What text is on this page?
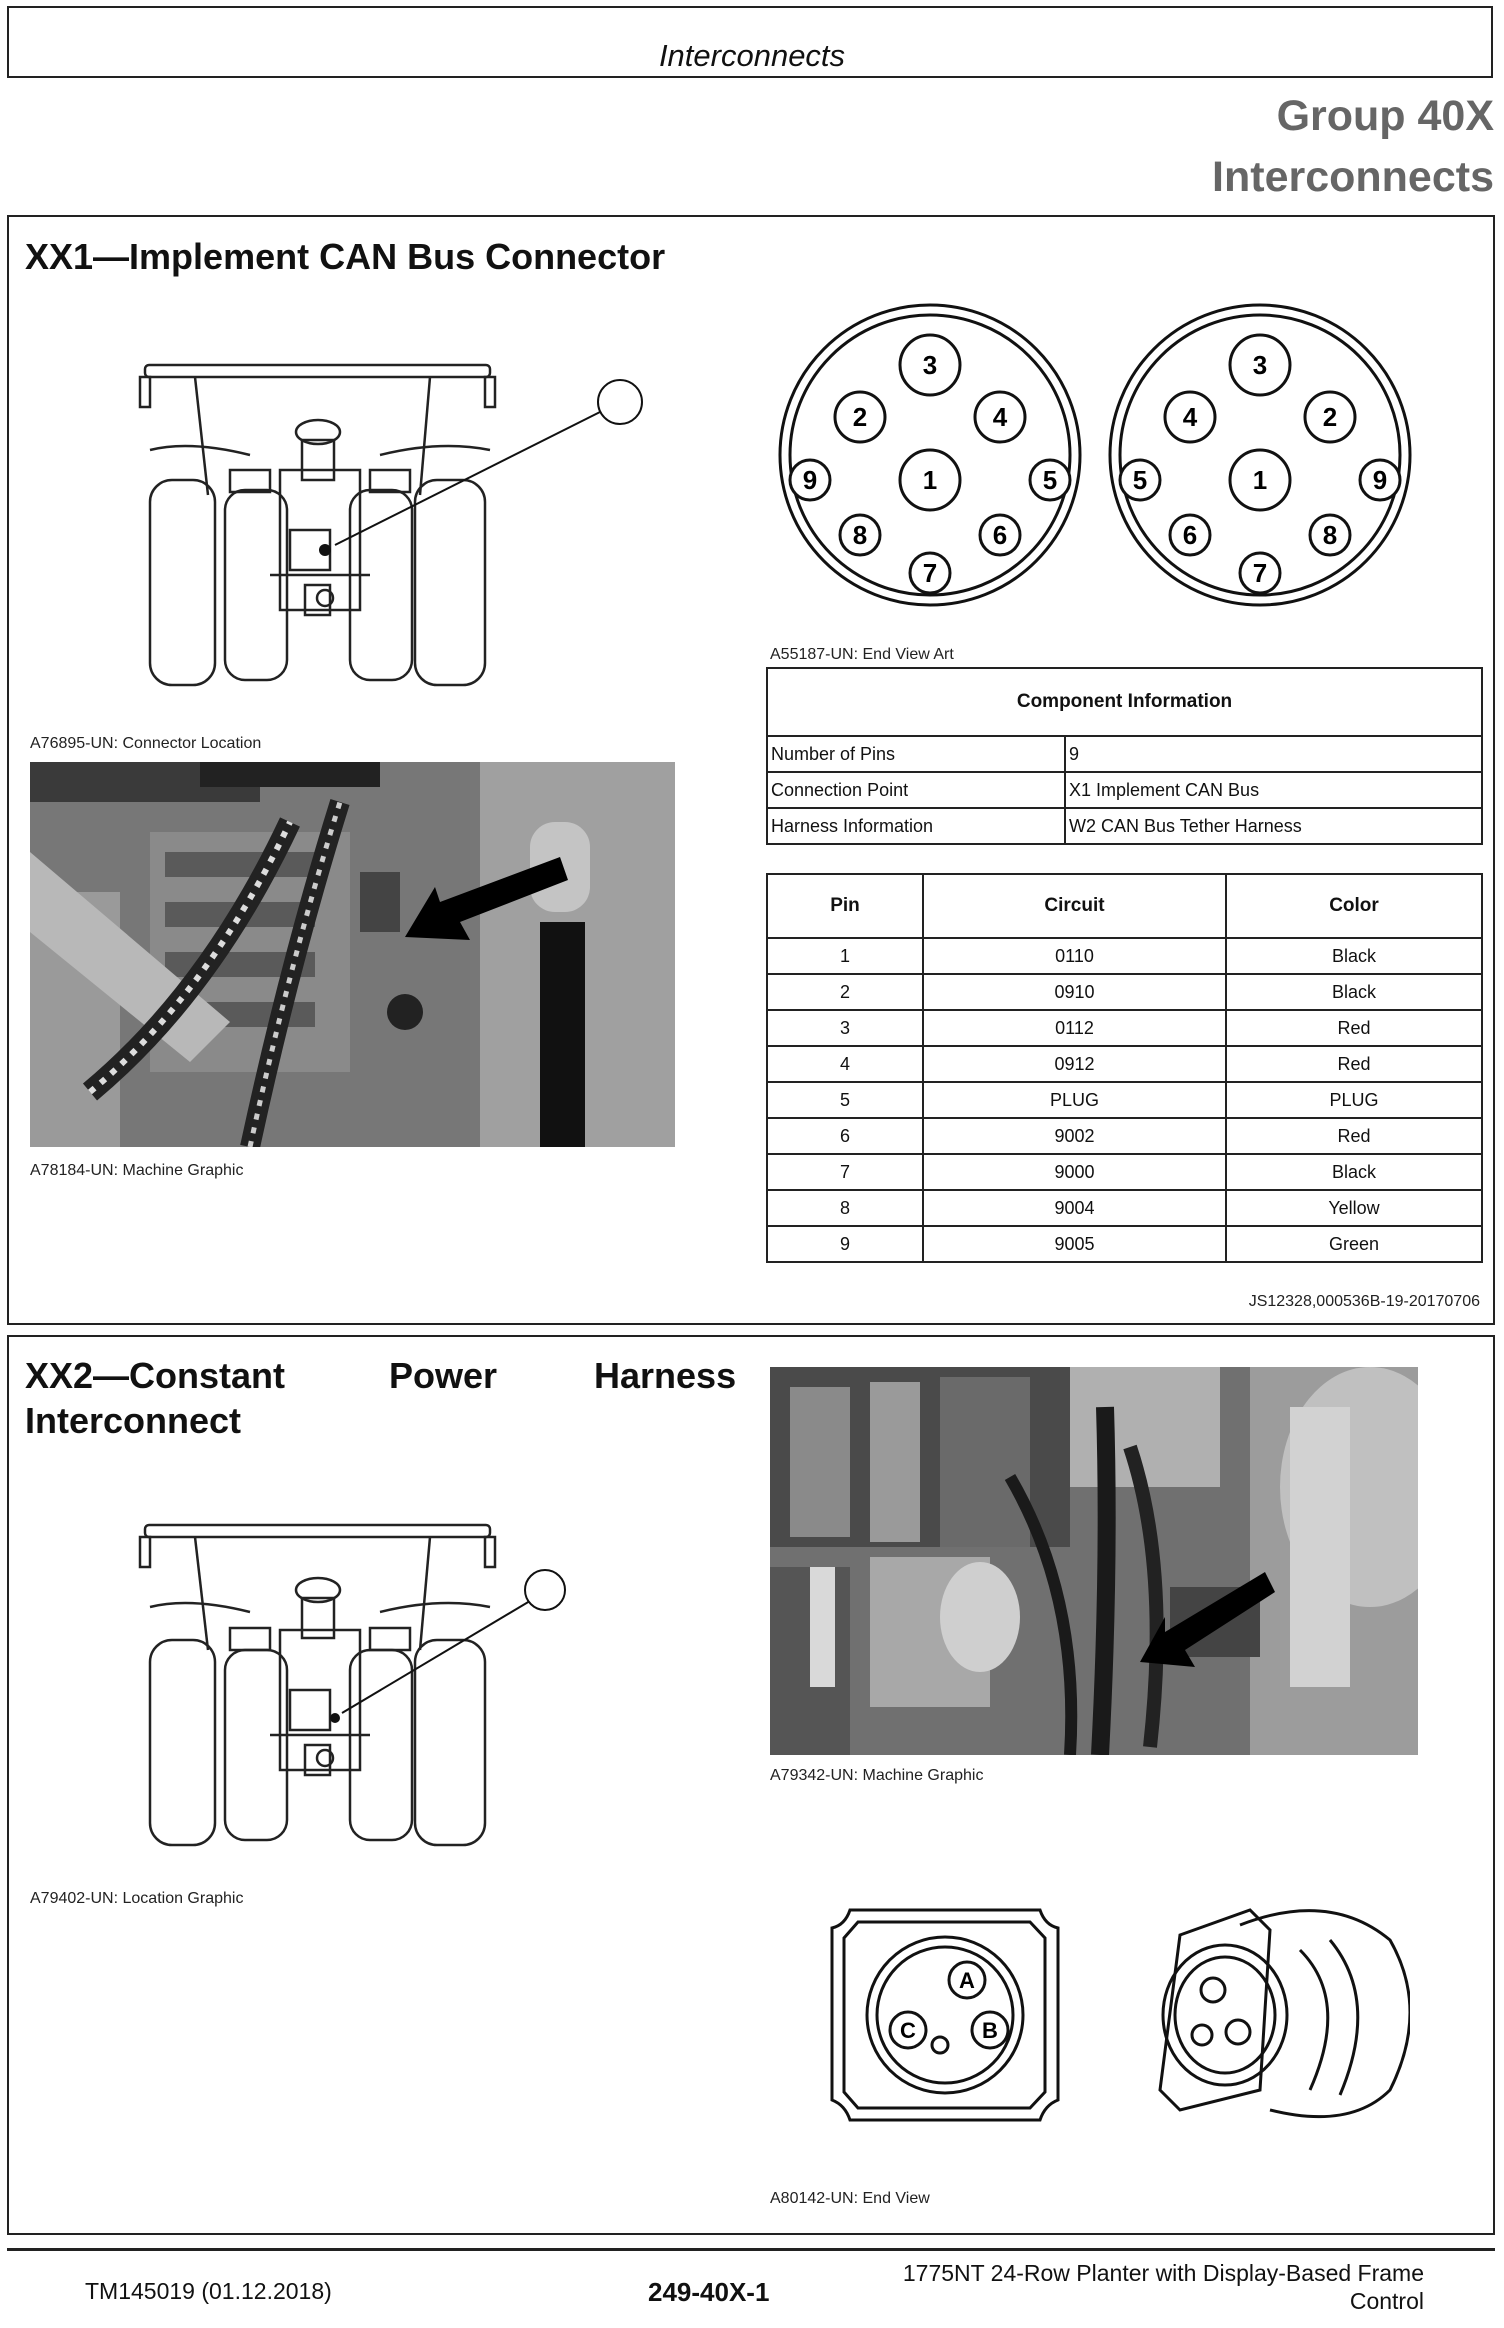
Interconnects
Group 40X
Interconnects
XX1—Implement CAN Bus Connector
A76895-UN: Connector Location
A78184-UN: Machine Graphic
3
2	4
9	1	5
8	6
7
3
4	2
5	1	9
6	8
7
A55187-UN: End View Art
Component Information	
Number of Pins	9
Connection Point	X1 Implement CAN Bus
Harness Information	W2 CAN Bus Tether Harness
Pin	Circuit	Color
1	0110	Black
2	0910	Black
3	0112	Red
4	0912	Red
5	PLUG	PLUG
6	9002	Red
7	9000	Black
8	9004	Yellow
9	9005	Green
JS12328,000536B-19-20170706
XX2—Constant	Power	Harness
Interconnect
A79342-UN: Machine Graphic
A79402-UN: Location Graphic
A
B
C
A80142-UN: End View
TM145019 (01.12.2018)	249-40X-1
1775NT 24-Row Planter with Display-Based Frame
Control
